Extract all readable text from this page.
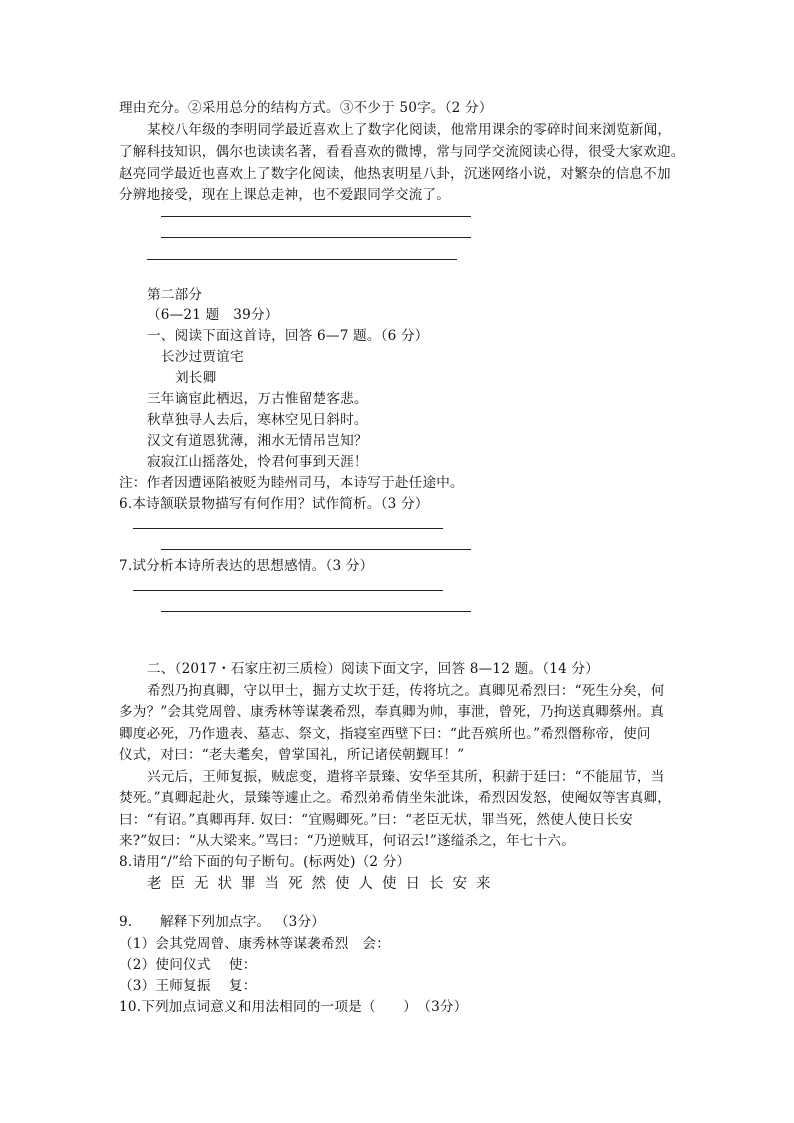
理由充分。②采用总分的结构方式。③不少于 50字。（2 分）
某校八年级的李明同学最近喜欢上了数字化阅读，他常用课余的零碎时间来浏览新闻，
了解科技知识，偶尔也读读名著，看看喜欢的微博，常与同学交流阅读心得，很受大家欢迎。
赵亮同学最近也喜欢上了数字化阅读，他热衷明星八卦，沉迷网络小说，对繁杂的信息不加
分辨地接受，现在上课总走神，也不爱跟同学交流了。
第二部分
（6—21 题　39分）
一、阅读下面这首诗，回答 6—7 题。（6 分）
长沙过贾谊宅
刘长卿
三年谪宦此栖迟，万古惟留楚客悲。
秋草独寻人去后，寒林空见日斜时。
汉文有道恩犹薄，湘水无情吊岂知？
寂寂江山摇落处，怜君何事到天涯！
注：作者因遭诬陷被贬为睦州司马，本诗写于赴任途中。
6.本诗颔联景物描写有何作用？试作简析。（3 分）
7.试分析本诗所表达的思想感情。（3 分）
二、（2017・石家庄初三质检）阅读下面文字，回答 8—12 题。（14 分）
希烈乃拘真卿，守以甲士，掘方丈坎于廷，传将坑之。真卿见希烈曰：“死生分矣，何
多为？”会其党周曾、康秀林等谋袭希烈，奉真卿为帅，事泄，曾死，乃拘送真卿蔡州。真
卿度必死，乃作遗表、墓志、祭文，指寝室西壁下曰：“此吾殡所也。”希烈僭称帝，使问
仪式，对曰：“老夫耄矣，曾掌国礼，所记诸侯朝觐耳！”
兴元后，王师复振，贼虑变，遣将辛景臻、安华至其所，积薪于廷曰：“不能屈节，当
焚死。”真卿起赴火，景臻等遽止之。希烈弟希倩坐朱泚诛，希烈因发怒，使阉奴等害真卿，
曰：“有诏。”真卿再拜. 奴曰：“宜赐卿死。”曰：“老臣无状，罪当死，然使人使日长安
来?”奴曰：“从大梁来。”骂曰：“乃逆贼耳，何诏云!”遂缢杀之，年七十六。
8.请用“/”给下面的句子断句。(标两处)（2 分）
老臣无状罪当死然使人使日长安来
9.　　解释下列加点字。 （3分）
（1）会其党周曾、康秀林等谋袭希烈　会：
（2）使问仪式　 使：
（3）王师复振　 复：
10.下列加点词意义和用法相同的一项是（　　）　（3分）
